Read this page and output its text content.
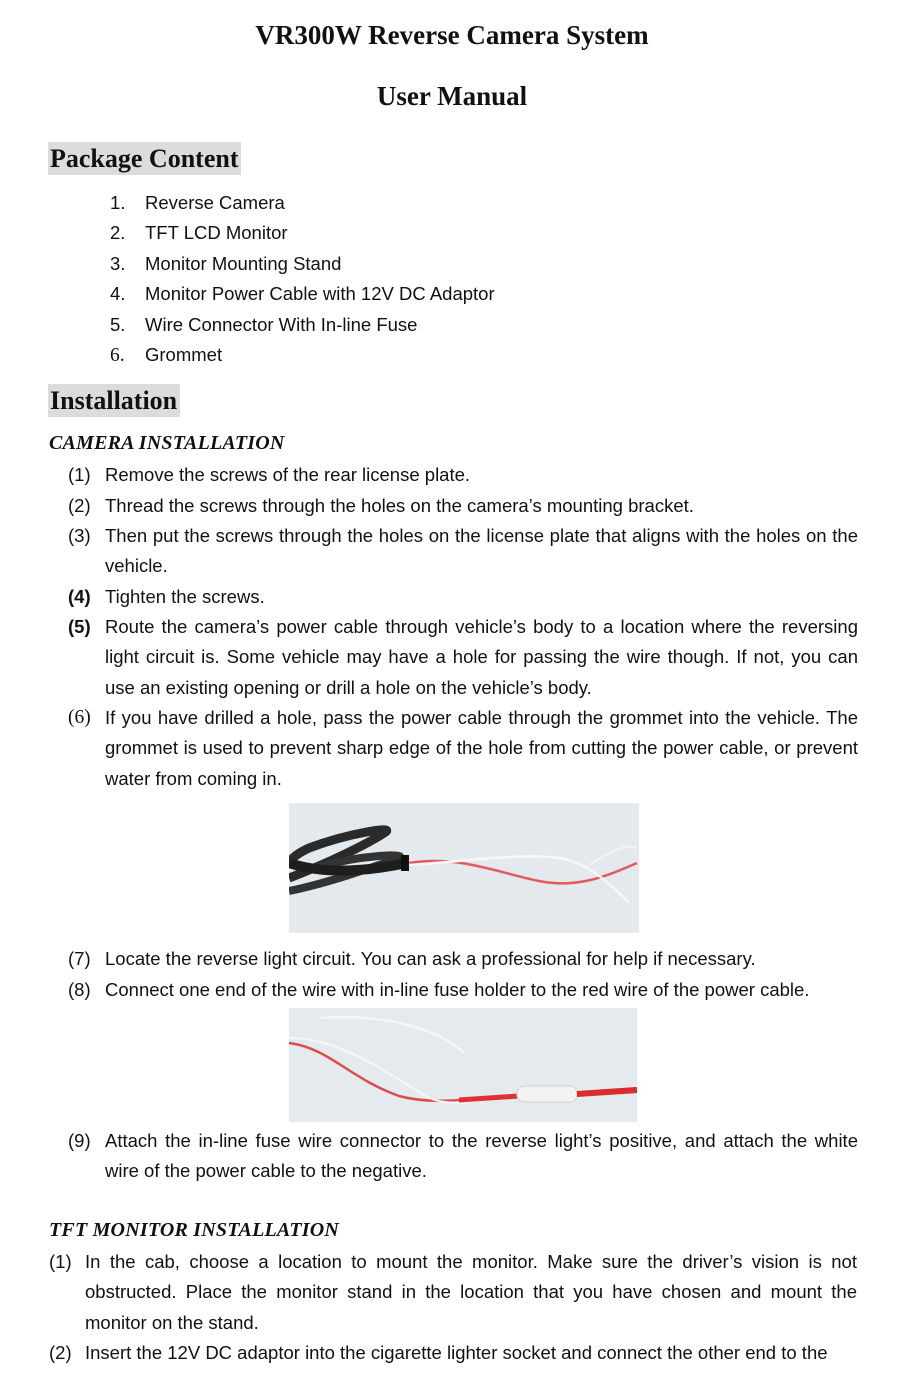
VR300W Reverse Camera System
User Manual
Package Content
1. Reverse Camera
2. TFT LCD Monitor
3. Monitor Mounting Stand
4. Monitor Power Cable with 12V DC Adaptor
5. Wire Connector With In-line Fuse
6. Grommet
Installation
CAMERA INSTALLATION
(1) Remove the screws of the rear license plate.
(2) Thread the screws through the holes on the camera’s mounting bracket.
(3) Then put the screws through the holes on the license plate that aligns with the holes on the vehicle.
(4) Tighten the screws.
(5) Route the camera’s power cable through vehicle’s body to a location where the reversing light circuit is. Some vehicle may have a hole for passing the wire though. If not, you can use an existing opening or drill a hole on the vehicle’s body.
(6) If you have drilled a hole, pass the power cable through the grommet into the vehicle. The grommet is used to prevent sharp edge of the hole from cutting the power cable, or prevent water from coming in.
(7) Locate the reverse light circuit. You can ask a professional for help if necessary.
(8) Connect one end of the wire with in-line fuse holder to the red wire of the power cable.
(9) Attach the in-line fuse wire connector to the reverse light’s positive, and attach the white wire of the power cable to the negative.
TFT MONITOR INSTALLATION
(1) In the cab, choose a location to mount the monitor. Make sure the driver’s vision is not obstructed. Place the monitor stand in the location that you have chosen and mount the monitor on the stand.
(2) Insert the 12V DC adaptor into the cigarette lighter socket and connect the other end to the
